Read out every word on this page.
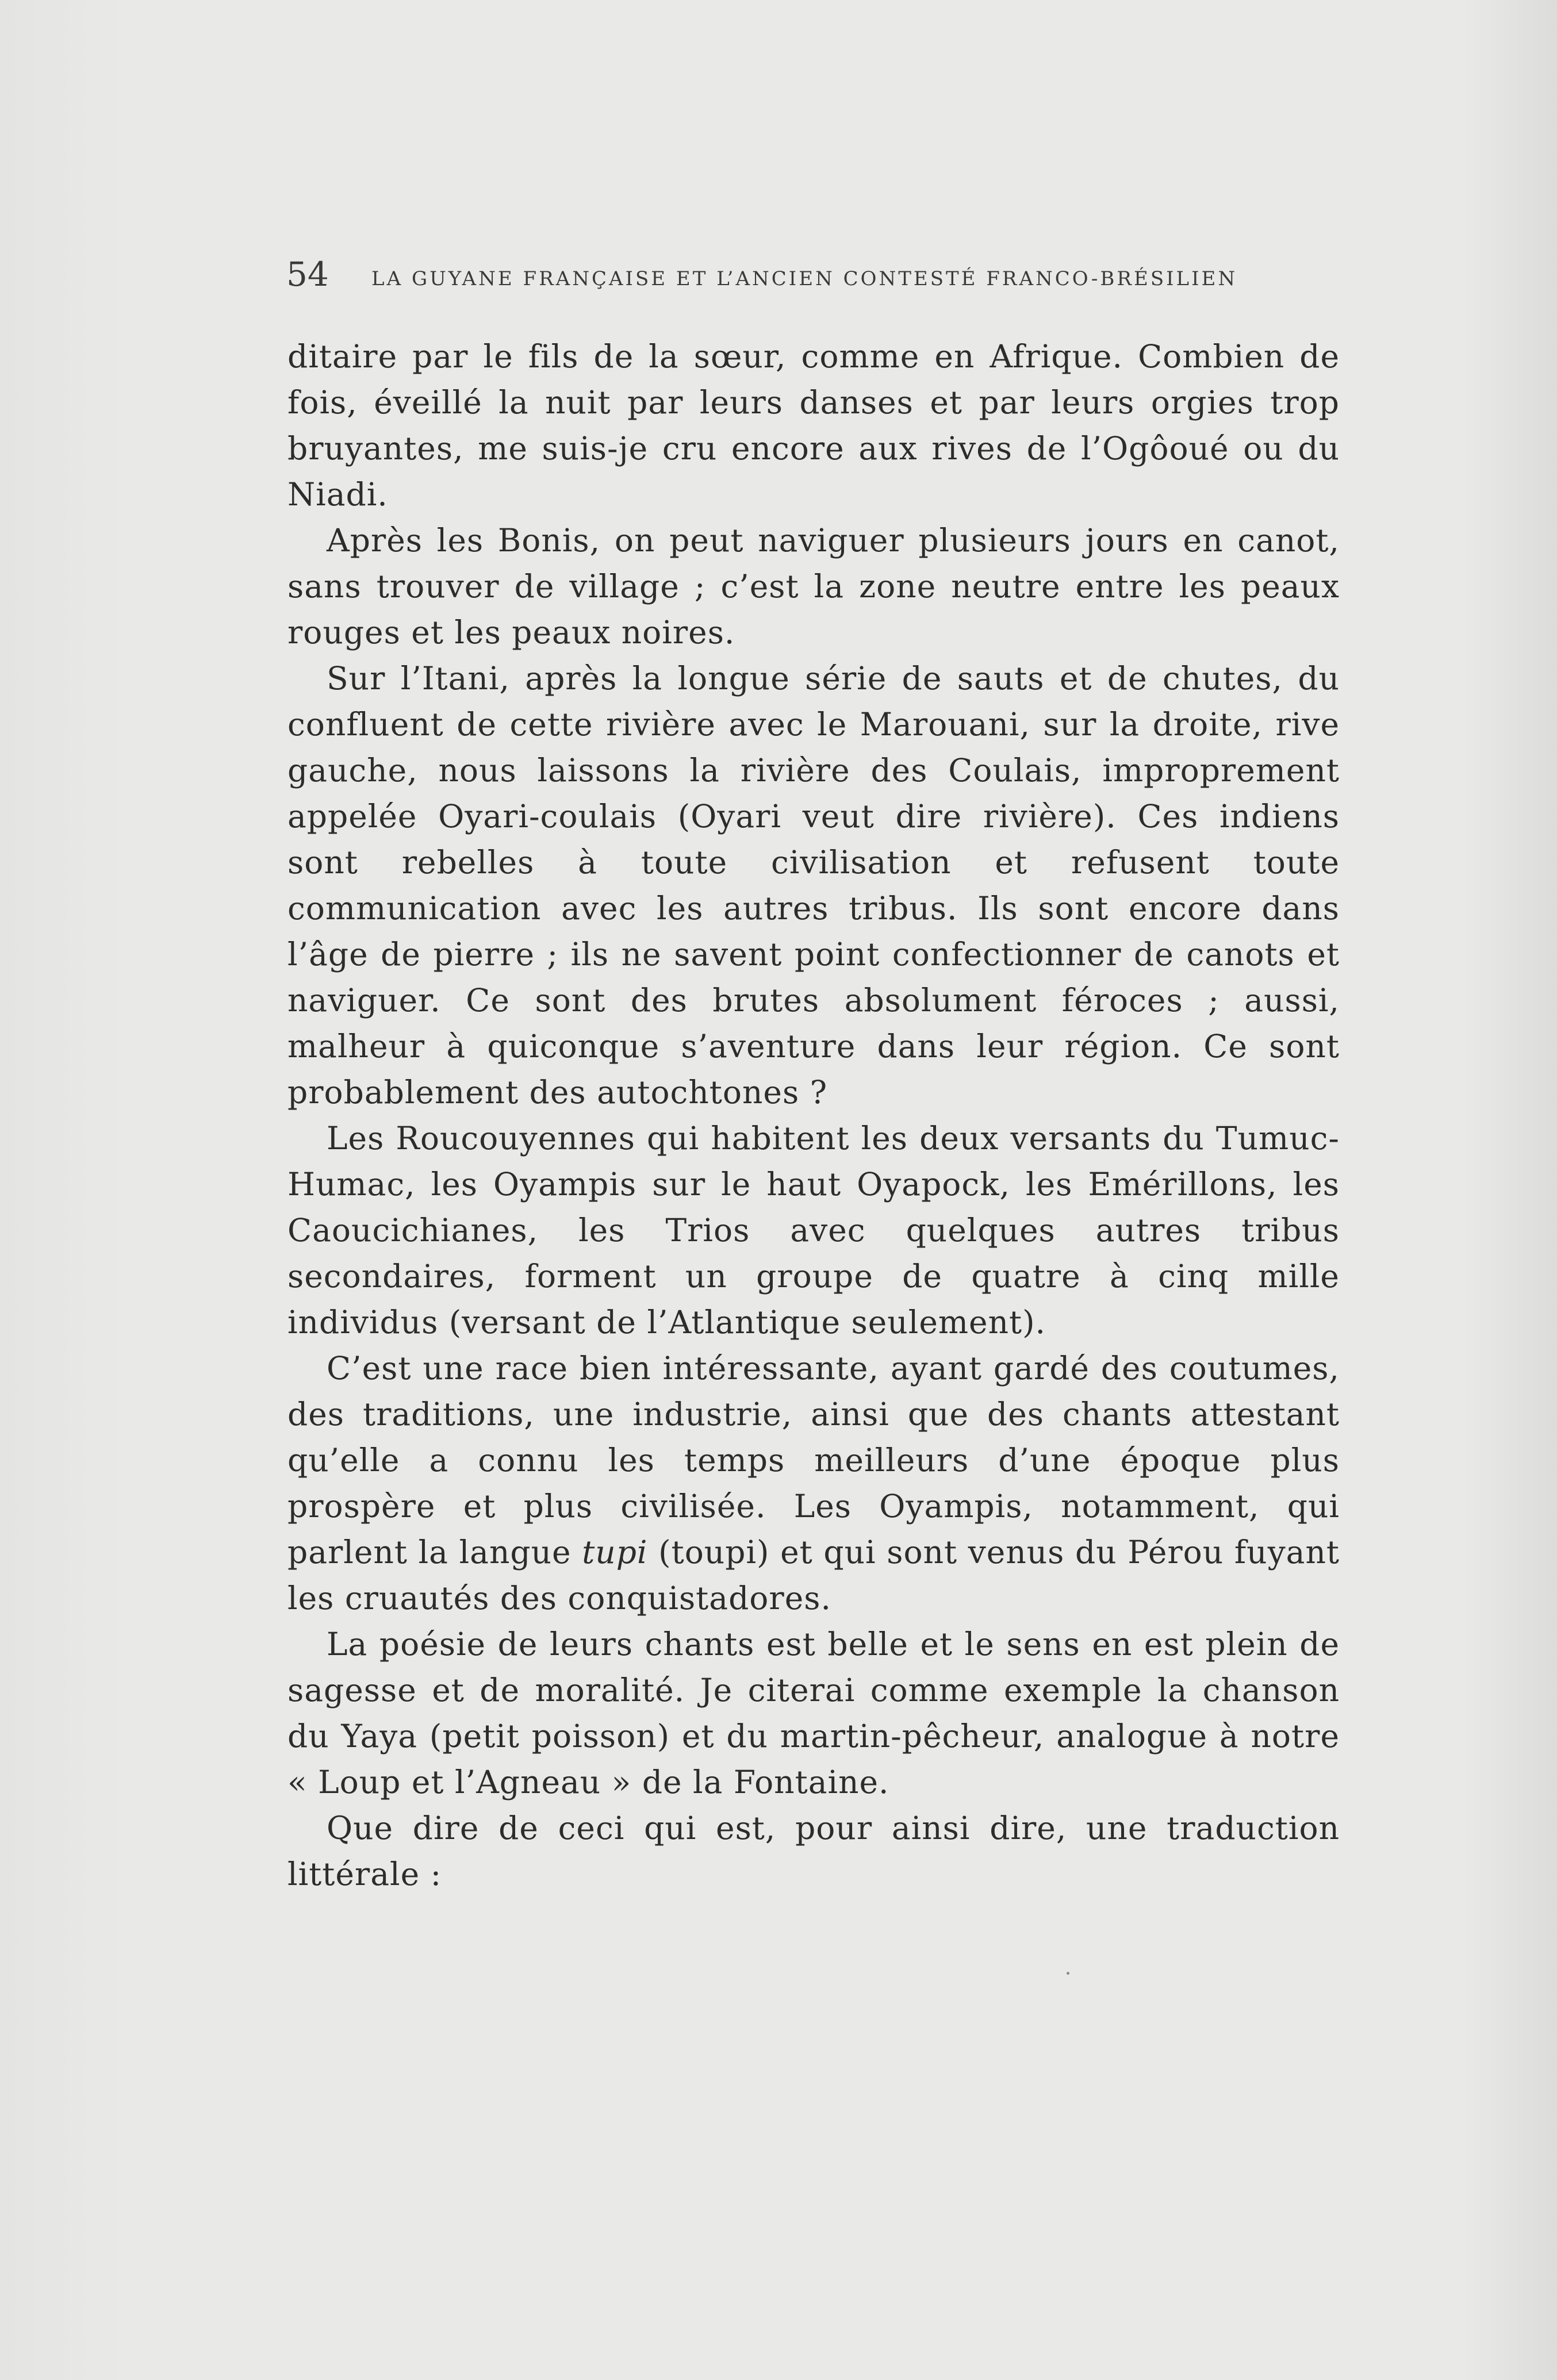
54 LA GUYANE FRANÇAISE ET L’ANCIEN CONTESTÉ FRANCO-BRÉSILIEN

ditaire par le fils de la sœur, comme en Afrique. Combien de fois, éveillé la nuit par leurs danses et par leurs orgies trop bruyantes, me suis-je cru encore aux rives de l’Ogôoué ou du Niadi.

Après les Bonis, on peut naviguer plusieurs jours en canot, sans trouver de village ; c’est la zone neutre entre les peaux rouges et les peaux noires.

Sur l’Itani, après la longue série de sauts et de chutes, du confluent de cette rivière avec le Marouani, sur la droite, rive gauche, nous laissons la rivière des Coulais, improprement appelée Oyari-coulais (Oyari veut dire rivière). Ces indiens sont rebelles à toute civilisation et refusent toute communication avec les autres tribus. Ils sont encore dans l’âge de pierre ; ils ne savent point confectionner de canots et naviguer. Ce sont des brutes absolument féroces ; aussi, malheur à quiconque s’aventure dans leur région. Ce sont probablement des autochtones ?

Les Roucouyennes qui habitent les deux versants du Tumuc-Humac, les Oyampis sur le haut Oyapock, les Emérillons, les Caoucichianes, les Trios avec quelques autres tribus secondaires, forment un groupe de quatre à cinq mille individus (versant de l’Atlantique seulement).

C’est une race bien intéressante, ayant gardé des coutumes, des traditions, une industrie, ainsi que des chants attestant qu’elle a connu les temps meilleurs d’une époque plus prospère et plus civilisée. Les Oyampis, notamment, qui parlent la langue tupi (toupi) et qui sont venus du Pérou fuyant les cruautés des conquistadores.

La poésie de leurs chants est belle et le sens en est plein de sagesse et de moralité. Je citerai comme exemple la chanson du Yaya (petit poisson) et du martin-pêcheur, analogue à notre « Loup et l’Agneau » de la Fontaine.

Que dire de ceci qui est, pour ainsi dire, une traduction littérale :
